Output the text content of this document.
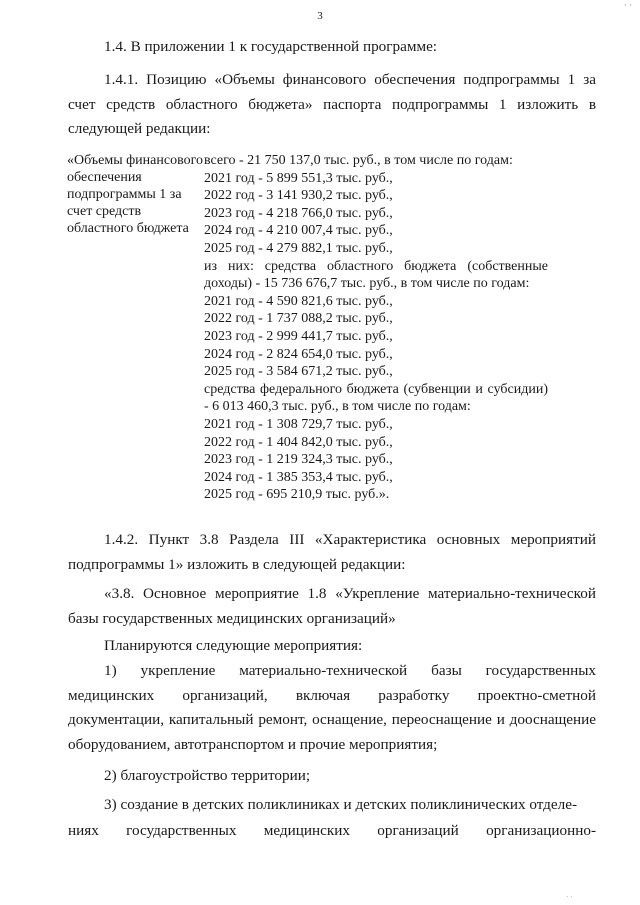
3
· ·
1.4. В приложении 1 к государственной программе:
1.4.1. Позицию «Объемы финансового обеспечения подпрограммы 1 за счет средств областного бюджета» паспорта подпрограммы 1 изложить в следующей редакции:
«Объемы финансового обеспечения подпрограммы 1 за счет средств областного бюджета
всего - 21 750 137,0 тыс. руб., в том числе по годам:
2021 год - 5 899 551,3 тыс. руб.,
2022 год - 3 141 930,2 тыс. руб.,
2023 год - 4 218 766,0 тыс. руб.,
2024 год - 4 210 007,4 тыс. руб.,
2025 год - 4 279 882,1 тыс. руб.,
из них: средства областного бюджета (собственные доходы) - 15 736 676,7 тыс. руб., в том числе по годам:
2021 год - 4 590 821,6 тыс. руб.,
2022 год - 1 737 088,2 тыс. руб.,
2023 год - 2 999 441,7 тыс. руб.,
2024 год - 2 824 654,0 тыс. руб.,
2025 год - 3 584 671,2 тыс. руб.,
средства федерального бюджета (субвенции и субсидии) - 6 013 460,3 тыс. руб., в том числе по годам:
2021 год - 1 308 729,7 тыс. руб.,
2022 год - 1 404 842,0 тыс. руб.,
2023 год - 1 219 324,3 тыс. руб.,
2024 год - 1 385 353,4 тыс. руб.,
2025 год - 695 210,9 тыс. руб.».
1.4.2. Пункт 3.8 Раздела III «Характеристика основных мероприятий подпрограммы 1» изложить в следующей редакции:
«3.8. Основное мероприятие 1.8 «Укрепление материально-технической базы государственных медицинских организаций»
Планируются следующие мероприятия:
1) укрепление материально-технической базы государственных медицинских организаций, включая разработку проектно-сметной документации, капитальный ремонт, оснащение, переоснащение и дооснащение оборудованием, автотранспортом и прочие мероприятия;
2) благоустройство территории;
3) создание в детских поликлиниках и детских поликлинических отделе-
ниях государственных медицинских организаций организационно-
· ·
